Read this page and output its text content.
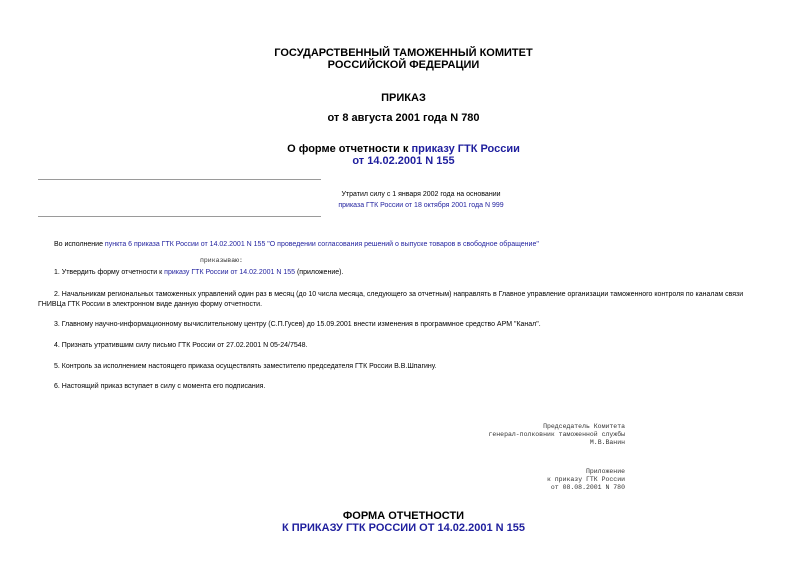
ГОСУДАРСТВЕННЫЙ ТАМОЖЕННЫЙ КОМИТЕТ
РОССИЙСКОЙ ФЕДЕРАЦИИ
ПРИКАЗ
от 8 августа 2001 года N 780
О форме отчетности к приказу ГТК России
от 14.02.2001 N 155
Утратил силу с 1 января 2002 года на основании
приказа ГТК России от 18 октября 2001 года N 999
Во исполнение пункта 6 приказа ГТК России от 14.02.2001 N 155 "О проведении согласования решений о выпуске товаров в свободное обращение"
приказываю:
1. Утвердить форму отчетности к приказу ГТК России от 14.02.2001 N 155 (приложение).
2. Начальникам региональных таможенных управлений один раз в месяц (до 10 числа месяца, следующего за отчетным) направлять в Главное управление организации таможенного контроля по каналам связи
ГНИВЦа ГТК России в электронном виде данную форму отчетности.
3. Главному научно-информационному вычислительному центру (С.П.Гусев) до 15.09.2001 внести изменения в программное средство АРМ "Канал".
4. Признать утратившим силу письмо ГТК России от 27.02.2001 N 05-24/7548.
5. Контроль за исполнением настоящего приказа осуществлять заместителю председателя ГТК России В.В.Шпагину.
6. Настоящий приказ вступает в силу с момента его подписания.
Председатель Комитета
генерал-полковник таможенной службы
М.В.Ванин
Приложение
к приказу ГТК России
от 08.08.2001 N 780
ФОРМА ОТЧЕТНОСТИ
К ПРИКАЗУ ГТК РОССИИ ОТ 14.02.2001 N 155
